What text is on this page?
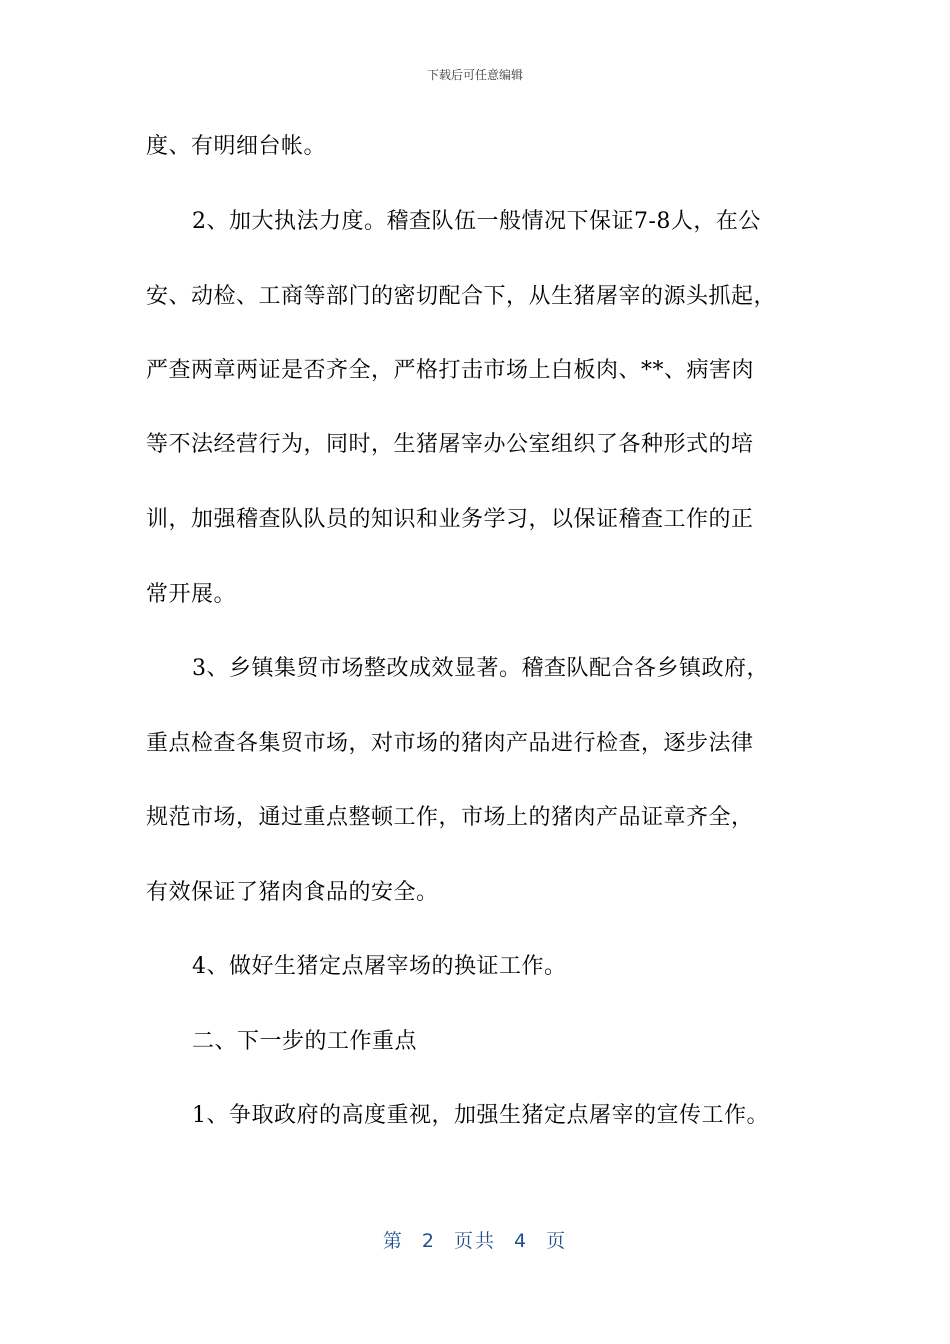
下载后可任意编辑
度、有明细台帐。
2、加大执法力度。稽查队伍一般情况下保证7-8人，在公
安、动检、工商等部门的密切配合下，从生猪屠宰的源头抓起，
严查两章两证是否齐全，严格打击市场上白板肉、**、病害肉
等不法经营行为，同时，生猪屠宰办公室组织了各种形式的培
训，加强稽查队队员的知识和业务学习，以保证稽查工作的正
常开展。
3、乡镇集贸市场整改成效显著。稽查队配合各乡镇政府，
重点检查各集贸市场，对市场的猪肉产品进行检查，逐步法律
规范市场，通过重点整顿工作，市场上的猪肉产品证章齐全，
有效保证了猪肉食品的安全。
4、做好生猪定点屠宰场的换证工作。
二、下一步的工作重点
1、争取政府的高度重视，加强生猪定点屠宰的宣传工作。
第 2 页共 4 页
